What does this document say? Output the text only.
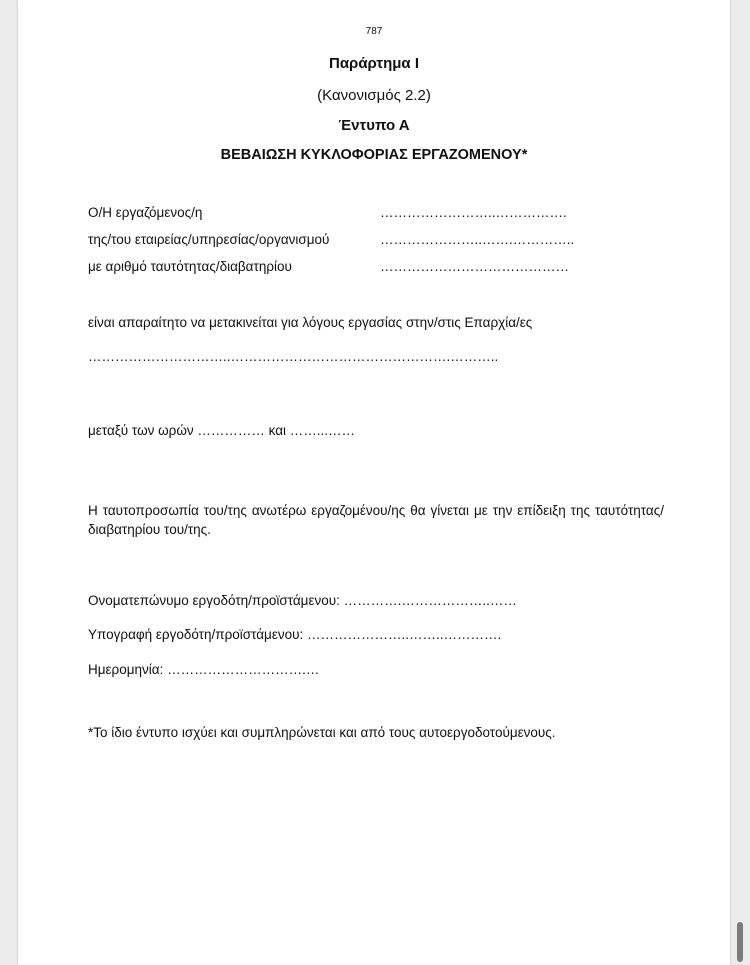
787
Παράρτημα Ι
(Κανονισμός 2.2)
Έντυπο Α
ΒΕΒΑΙΩΣΗ ΚΥΚΛΟΦΟΡΙΑΣ ΕΡΓΑΖΟΜΕΝΟΥ*
Ο/Η εργαζόμενος/η	……………………..…………….
της/του εταιρείας/υπηρεσίας/οργανισμού	…………………..…….…………..
με αριθμό ταυτότητας/διαβατηρίου	……………………………………
είναι απαραίτητο να μετακινείται για λόγους εργασίας στην/στις Επαρχία/ες
…………………………..………………………………………….………..
μεταξύ των ωρών …………… και ……...……
Η ταυτοπροσωπία του/της ανωτέρω εργαζομένου/ης θα γίνεται με την επίδειξη της ταυτότητας/διαβατηρίου του/της.
Ονοματεπώνυμο εργοδότη/προϊστάμενου: ………….………………..……
Υπογραφή εργοδότη/προϊστάμενου: …………………..……..………….
Ημερομηνία: ………………………….…
*Το ίδιο έντυπο ισχύει και συμπληρώνεται και από τους αυτοεργοδοτούμενους.
